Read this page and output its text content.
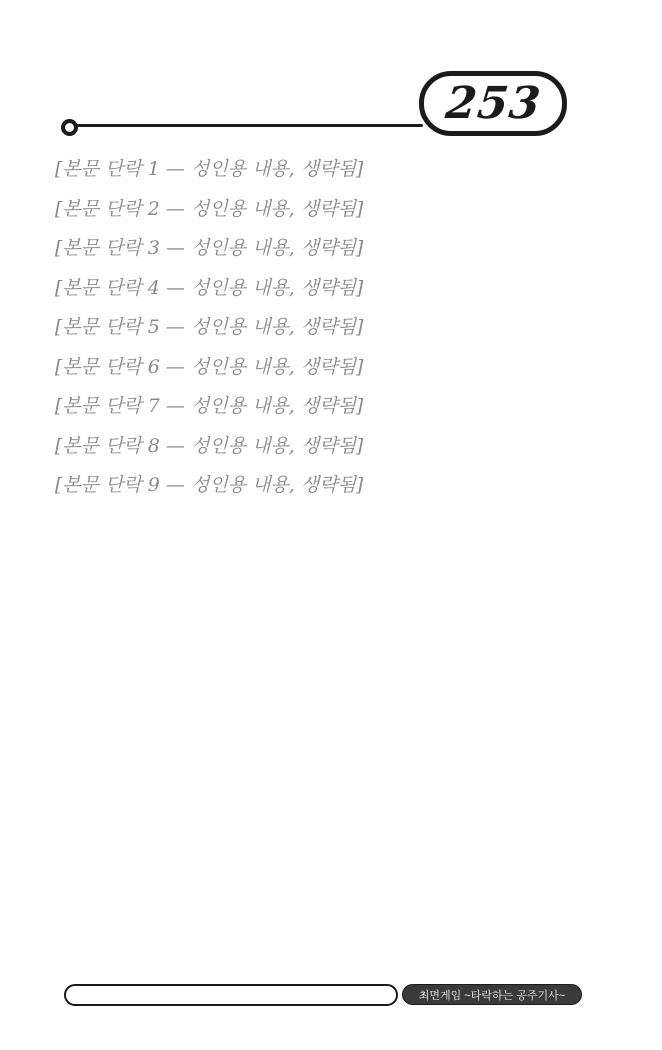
253

[본문 단락 1 — 성인용 내용, 생략됨]

[본문 단락 2 — 성인용 내용, 생략됨]

[본문 단락 3 — 성인용 내용, 생략됨]

[본문 단락 4 — 성인용 내용, 생략됨]

[본문 단락 5 — 성인용 내용, 생략됨]

[본문 단락 6 — 성인용 내용, 생략됨]

[본문 단락 7 — 성인용 내용, 생략됨]

[본문 단락 8 — 성인용 내용, 생략됨]

[본문 단락 9 — 성인용 내용, 생략됨]

최면게임 ~타락하는 공주기사~
